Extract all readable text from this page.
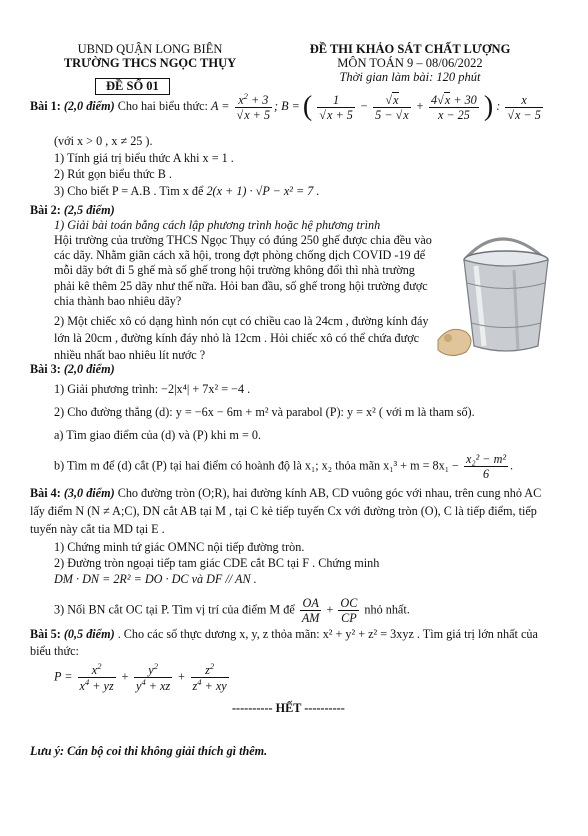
UBND QUẬN LONG BIÊN
TRƯỜNG THCS NGỌC THỤY
ĐỀ THI KHẢO SÁT CHẤT LƯỢNG
MÔN TOÁN 9 – 08/06/2022
Thời gian làm bài: 120 phút
ĐỀ SỐ 01
Bài 1: (2,0 điểm) Cho hai biểu thức: $A = \frac{x^2 + 3}{√x + 5}$ ; B = ( $\frac{1}{√x + 5} - \frac{√x}{5 - √x} + \frac{4√x + 30}{x - 25}$ ) : $\frac{x}{√x - 5}$
(với x > 0 , x ≠ 25 ).
1) Tính giá trị biểu thức A khi x = 1 .
2) Rút gọn biểu thức B .
3) Cho biết P = A.B . Tìm x để 2(x + 1) · √P − x² = 7 .
Bài 2: (2,5 điểm)
1) Giải bài toán bằng cách lập phương trình hoặc hệ phương trình
Hội trường của trường THCS Ngọc Thụy có đúng 250 ghế được chia đều vào các dãy. Nhằm giãn cách xã hội, trong đợt phòng chống dịch COVID -19 để mỗi dãy bớt đi 5 ghế mà số ghế trong hội trường không đổi thì nhà trường phải kê thêm 25 dãy như thế nữa. Hỏi ban đầu, số ghế trong hội trường được chia thành bao nhiêu dãy?
2) Một chiếc xô có dạng hình nón cụt có chiều cao là 24cm , đường kính đáy lớn là 20cm , đường kính đáy nhỏ là 12cm . Hỏi chiếc xô có thể chứa được nhiều nhất bao nhiêu lít nước ?
Bài 3: (2,0 điểm)
1) Giải phương trình: −2|x⁴| + 7x² = −4 .
2) Cho đường thẳng (d): y = −6x − 6m + m² và parabol (P): y = x² ( với m là tham số).
a) Tìm giao điểm của (d) và (P) khi m = 0.
b) Tìm m để (d) cắt (P) tại hai điểm có hoành độ là x₁; x₂ thỏa mãn $x_1^3 + m = 8x_1 - \frac{\text{x₂² − m²}}{6}$ .
Bài 4: (3,0 điểm) Cho đường tròn (O;R), hai đường kính AB, CD vuông góc với nhau, trên cung nhỏ AC lấy điểm N (N ≠ A;C), DN cắt AB tại M , tại C kẻ tiếp tuyến Cx với đường tròn (O), C là tiếp điểm, tiếp tuyến này cắt tia MD tại E .
1) Chứng minh tứ giác OMNC nội tiếp đường tròn.
2) Đường tròn ngoại tiếp tam giác CDE cắt BC tại F . Chứng minh
DM · DN = 2R² = DO · DC và DF // AN .
3) Nối BN cắt OC tại P. Tìm vị trí của điểm M để $\frac{OA}{AM} + \frac{OC}{CP}$ nhỏ nhất.
Bài 5: (0,5 điểm) . Cho các số thực dương x, y, z thỏa mãn: x² + y² + z² = 3xyz . Tìm giá trị lớn nhất của biểu thức:
$P = \frac{x^2}{x^4 + yz} + \frac{y^2}{y^4 + xz} + \frac{z^2}{z^4 + xy}$
---------- HẾT ----------
Lưu ý: Cán bộ coi thi không giải thích gì thêm.
